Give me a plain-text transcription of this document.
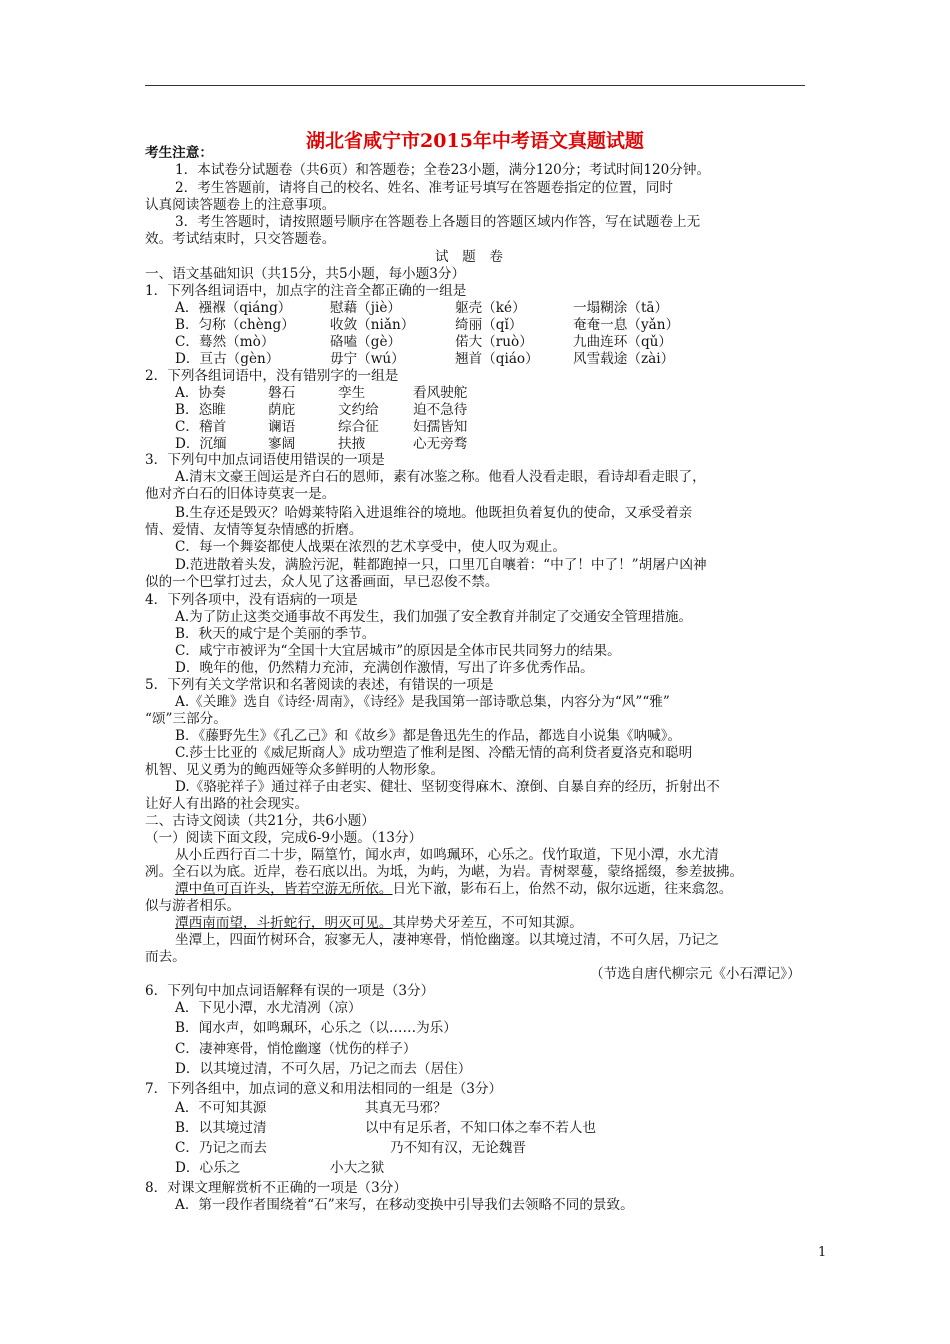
湖北省咸宁市2015年中考语文真题试题
考生注意：
1．本试卷分试题卷（共6页）和答题卷；全卷23小题，满分120分；考试时间120分钟。
2．考生答题前，请将自己的校名、姓名、准考证号填写在答题卷指定的位置，同时
认真阅读答题卷上的注意事项。
3．考生答题时，请按照题号顺序在答题卷上各题目的答题区域内作答，写在试题卷上无
效。考试结束时，只交答题卷。
试　题　卷
一、语文基础知识（共15分，共5小题，每小题3分）
1．下列各组词语中，加点字的注音全都正确的一组是
2．下列各组词语中，没有错别字的一组是
3．下列句中加点词语使用错误的一项是
A.清末文豪王闿运是齐白石的恩师，素有冰鉴之称。他看人没看走眼，看诗却看走眼了，
他对齐白石的旧体诗莫衷一是。
B.生存还是毁灭？哈姆莱特陷入进退维谷的境地。他既担负着复仇的使命，又承受着亲
情、爱情、友情等复杂情感的折磨。
C．每一个舞姿都使人战栗在浓烈的艺术享受中，使人叹为观止。
D.范进散着头发，满脸污泥，鞋都跑掉一只，口里兀自嚷着：“中了！中了！”胡屠户凶神
似的一个巴掌打过去，众人见了这番画面，早已忍俊不禁。
4．下列各项中，没有语病的一项是
A.为了防止这类交通事故不再发生，我们加强了安全教育并制定了交通安全管理措施。
B．秋天的咸宁是个美丽的季节。
C．咸宁市被评为“全国十大宜居城市”的原因是全体市民共同努力的结果。
D．晚年的他，仍然精力充沛，充满创作激情，写出了许多优秀作品。
5．下列有关文学常识和名著阅读的表述，有错误的一项是
A.《关雎》选自《诗经·周南》，《诗经》是我国第一部诗歌总集，内容分为“风”“雅”
“颂”三部分。
B．《藤野先生》《孔乙己》和《故乡》都是鲁迅先生的作品，都选自小说集《呐喊》。
C.莎士比亚的《威尼斯商人》成功塑造了惟利是图、冷酷无情的高利贷者夏洛克和聪明
机智、见义勇为的鲍西娅等众多鲜明的人物形象。
D.《骆驼祥子》通过祥子由老实、健壮、坚韧变得麻木、潦倒、自暴自弃的经历，折射出不
让好人有出路的社会现实。
二、古诗文阅读（共21分，共6小题）
（一）阅读下面文段，完成6-9小题。（13分）
从小丘西行百二十步，隔篁竹，闻水声，如鸣珮环，心乐之。伐竹取道，下见小潭，水尤清
冽。全石以为底。近岸，卷石底以出。为坻，为屿，为嵁，为岩。青树翠蔓，蒙络摇缀，参差披拂。
似与游者相乐。
坐潭上，四面竹树环合，寂寥无人，凄神寒骨，悄怆幽邃。以其境过清，不可久居，乃记之
而去。
（节选自唐代柳宗元《小石潭记》）
6．下列句中加点词语解释有误的一项是（3分）
A．下见小潭，水尤清冽（凉）
B．闻水声，如鸣珮环，心乐之（以……为乐）
C．凄神寒骨，悄怆幽邃（忧伤的样子）
D．以其境过清，不可久居，乃记之而去（居住）
7．下列各组中，加点词的意义和用法相同的一组是（3分）
8．对课文理解赏析不正确的一项是（3分）
A．第一段作者围绕着“石”来写，在移动变换中引导我们去领略不同的景致。
潭中鱼可百许头，皆若空游无所依。日光下澈，影布石上，佁然不动，俶尔远逝，往来翕忽。
潭西南而望，斗折蛇行，明灭可见。其岸势犬牙差互，不可知其源。
A．襁褓（qiáng）	慰藉（jiè）	躯壳（ké）	一塌糊涂（tā）
B．匀称（chèng）	收敛（niǎn）	绮丽（qǐ）	奄奄一息（yǎn）
C．蓦然（mò）	硌嗑（gè）	偌大（ruò）	九曲连环（qǔ）
D．亘古（gèn）	毋宁（wú）	翘首（qiáo）	风雪载途（zài）
A．协奏	磐石	孪生	看风驶舵
B．恣睢	荫庇	文约给	迫不急待
C．稽首	谰语	综合征	妇孺皆知
D．沉缅	寥阔	扶掖	心无旁骛
A．不可知其源	其真无马邪？
B．以其境过清	以中有足乐者，不知口体之奉不若人也
C．乃记之而去	乃不知有汉，无论魏晋
D．心乐之	小大之狱
1
